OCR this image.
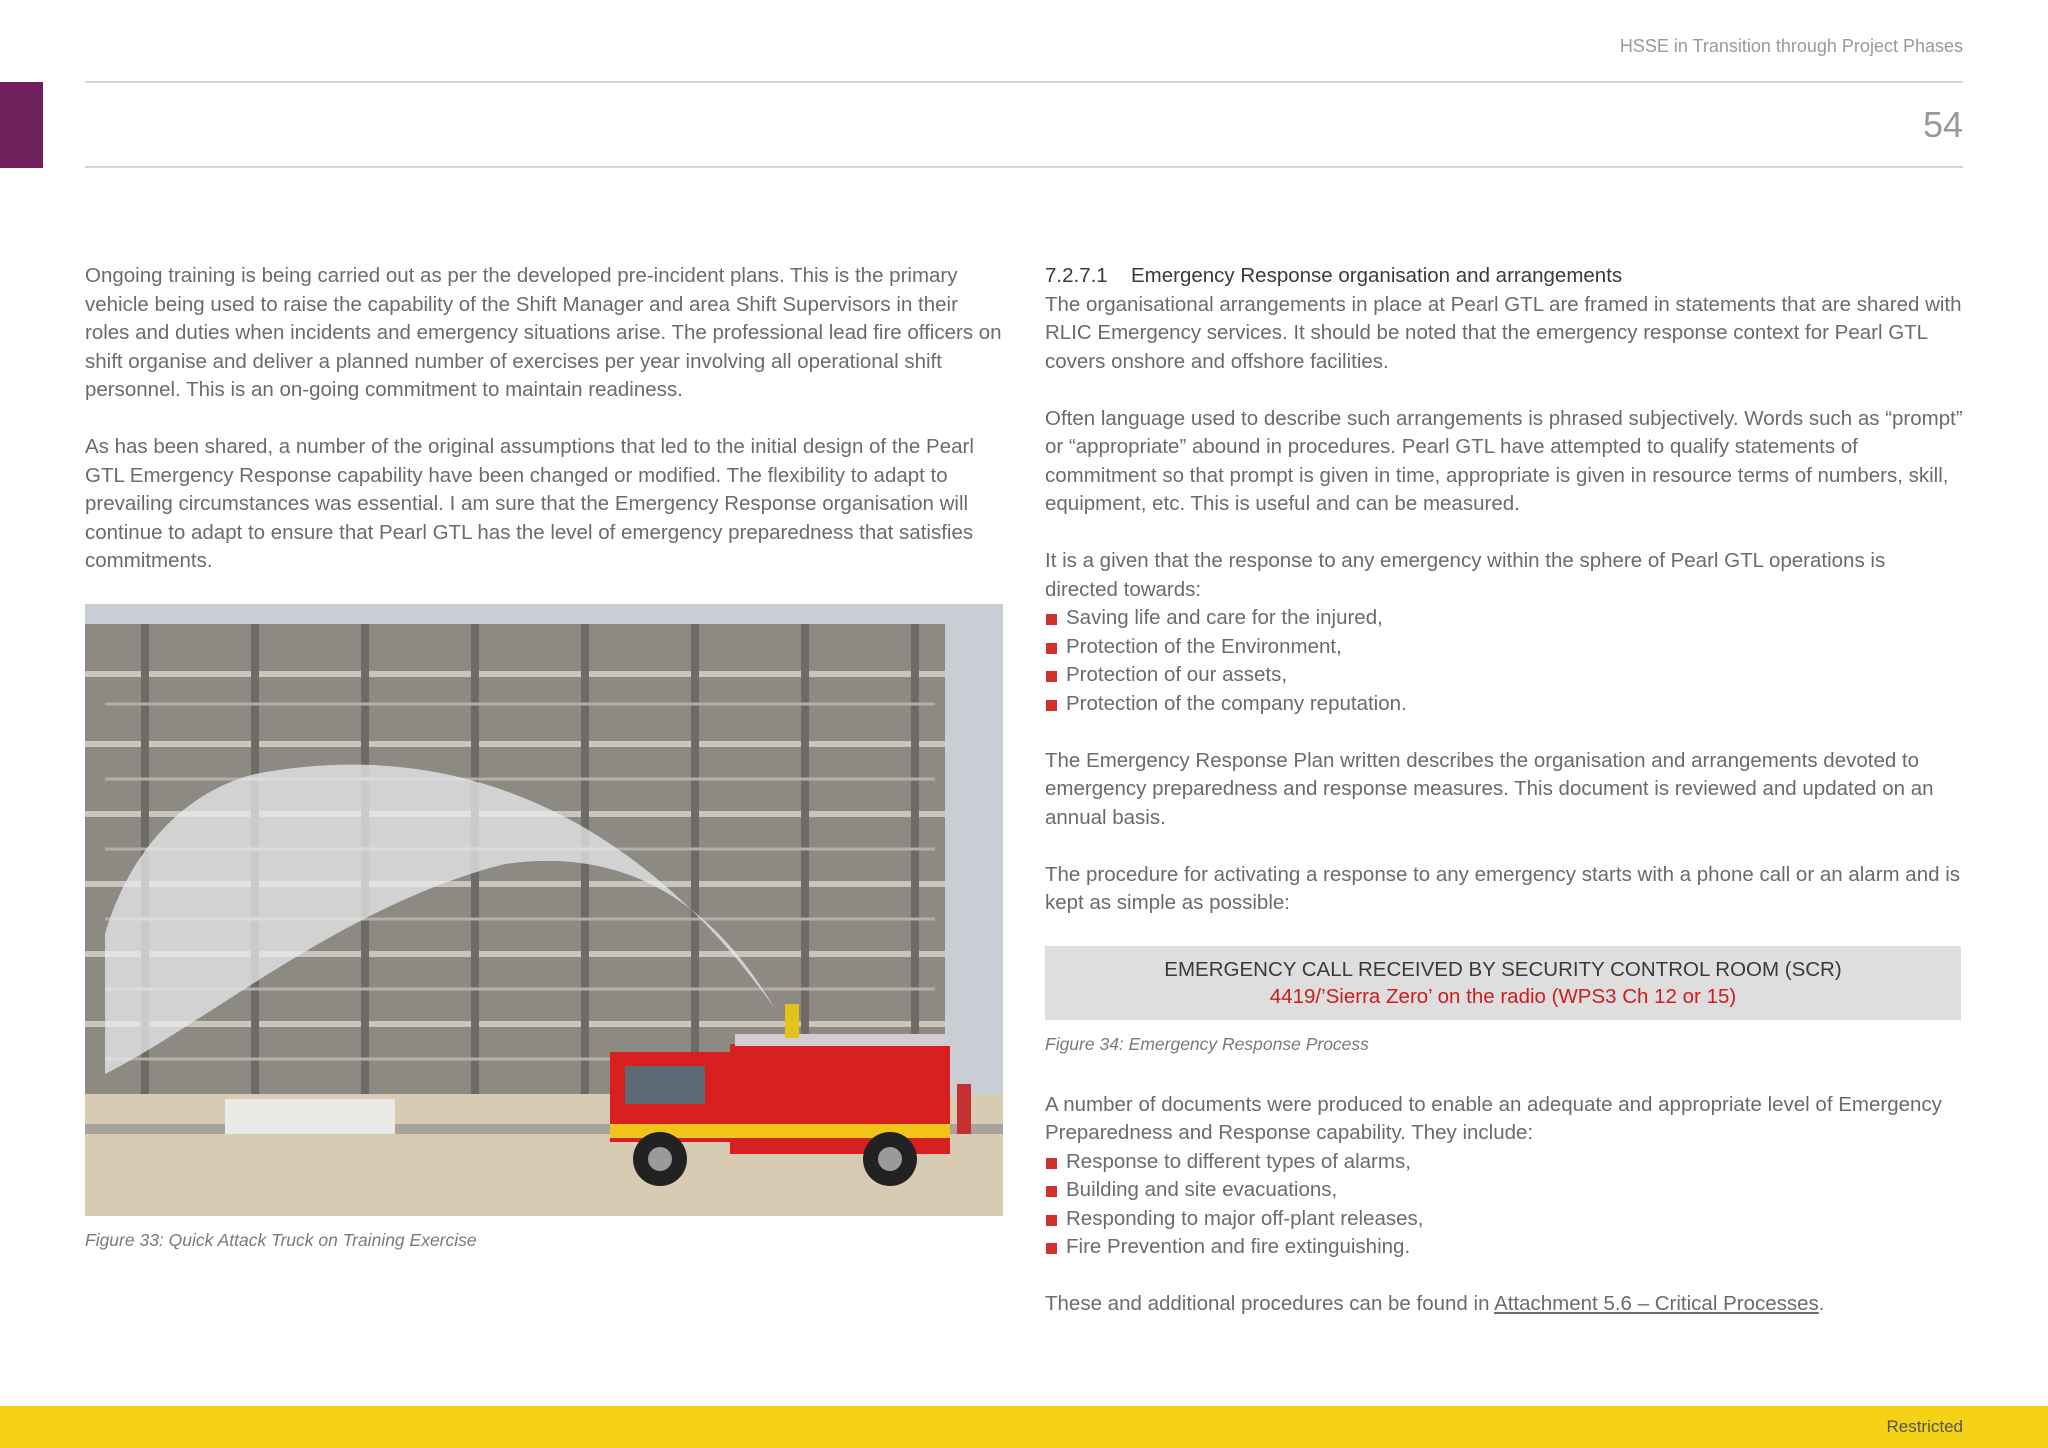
HSSE in Transition through Project Phases
54

Ongoing training is being carried out as per the developed pre-incident plans. This is the primary vehicle being used to raise the capability of the Shift Manager and area Shift Supervisors in their roles and duties when incidents and emergency situations arise. The professional lead fire officers on shift organise and deliver a planned number of exercises per year involving all operational shift personnel. This is an on-going commitment to maintain readiness.

As has been shared, a number of the original assumptions that led to the initial design of the Pearl GTL Emergency Response capability have been changed or modified. The flexibility to adapt to prevailing circumstances was essential. I am sure that the Emergency Response organisation will continue to adapt to ensure that Pearl GTL has the level of emergency preparedness that satisfies commitments.

Figure 33: Quick Attack Truck on Training Exercise
7.2.7.1 Emergency Response organisation and arrangements

The organisational arrangements in place at Pearl GTL are framed in statements that are shared with RLIC Emergency services. It should be noted that the emergency response context for Pearl GTL covers onshore and offshore facilities.

Often language used to describe such arrangements is phrased subjectively. Words such as “prompt” or “appropriate” abound in procedures. Pearl GTL have attempted to qualify statements of commitment so that prompt is given in time, appropriate is given in resource terms of numbers, skill, equipment, etc. This is useful and can be measured.

It is a given that the response to any emergency within the sphere of Pearl GTL operations is directed towards:
Saving life and care for the injured,
Protection of the Environment,
Protection of our assets,
Protection of the company reputation.

The Emergency Response Plan written describes the organisation and arrangements devoted to emergency preparedness and response measures. This document is reviewed and updated on an annual basis.

The procedure for activating a response to any emergency starts with a phone call or an alarm and is kept as simple as possible:

EMERGENCY CALL RECEIVED BY SECURITY CONTROL ROOM (SCR)
4419/’Sierra Zero’ on the radio (WPS3 Ch 12 or 15)
Figure 34: Emergency Response Process
A number of documents were produced to enable an adequate and appropriate level of Emergency Preparedness and Response capability. They include:
Response to different types of alarms,
Building and site evacuations,
Responding to major off-plant releases,
Fire Prevention and fire extinguishing.

These and additional procedures can be found in Attachment 5.6 – Critical Processes.

Restricted
